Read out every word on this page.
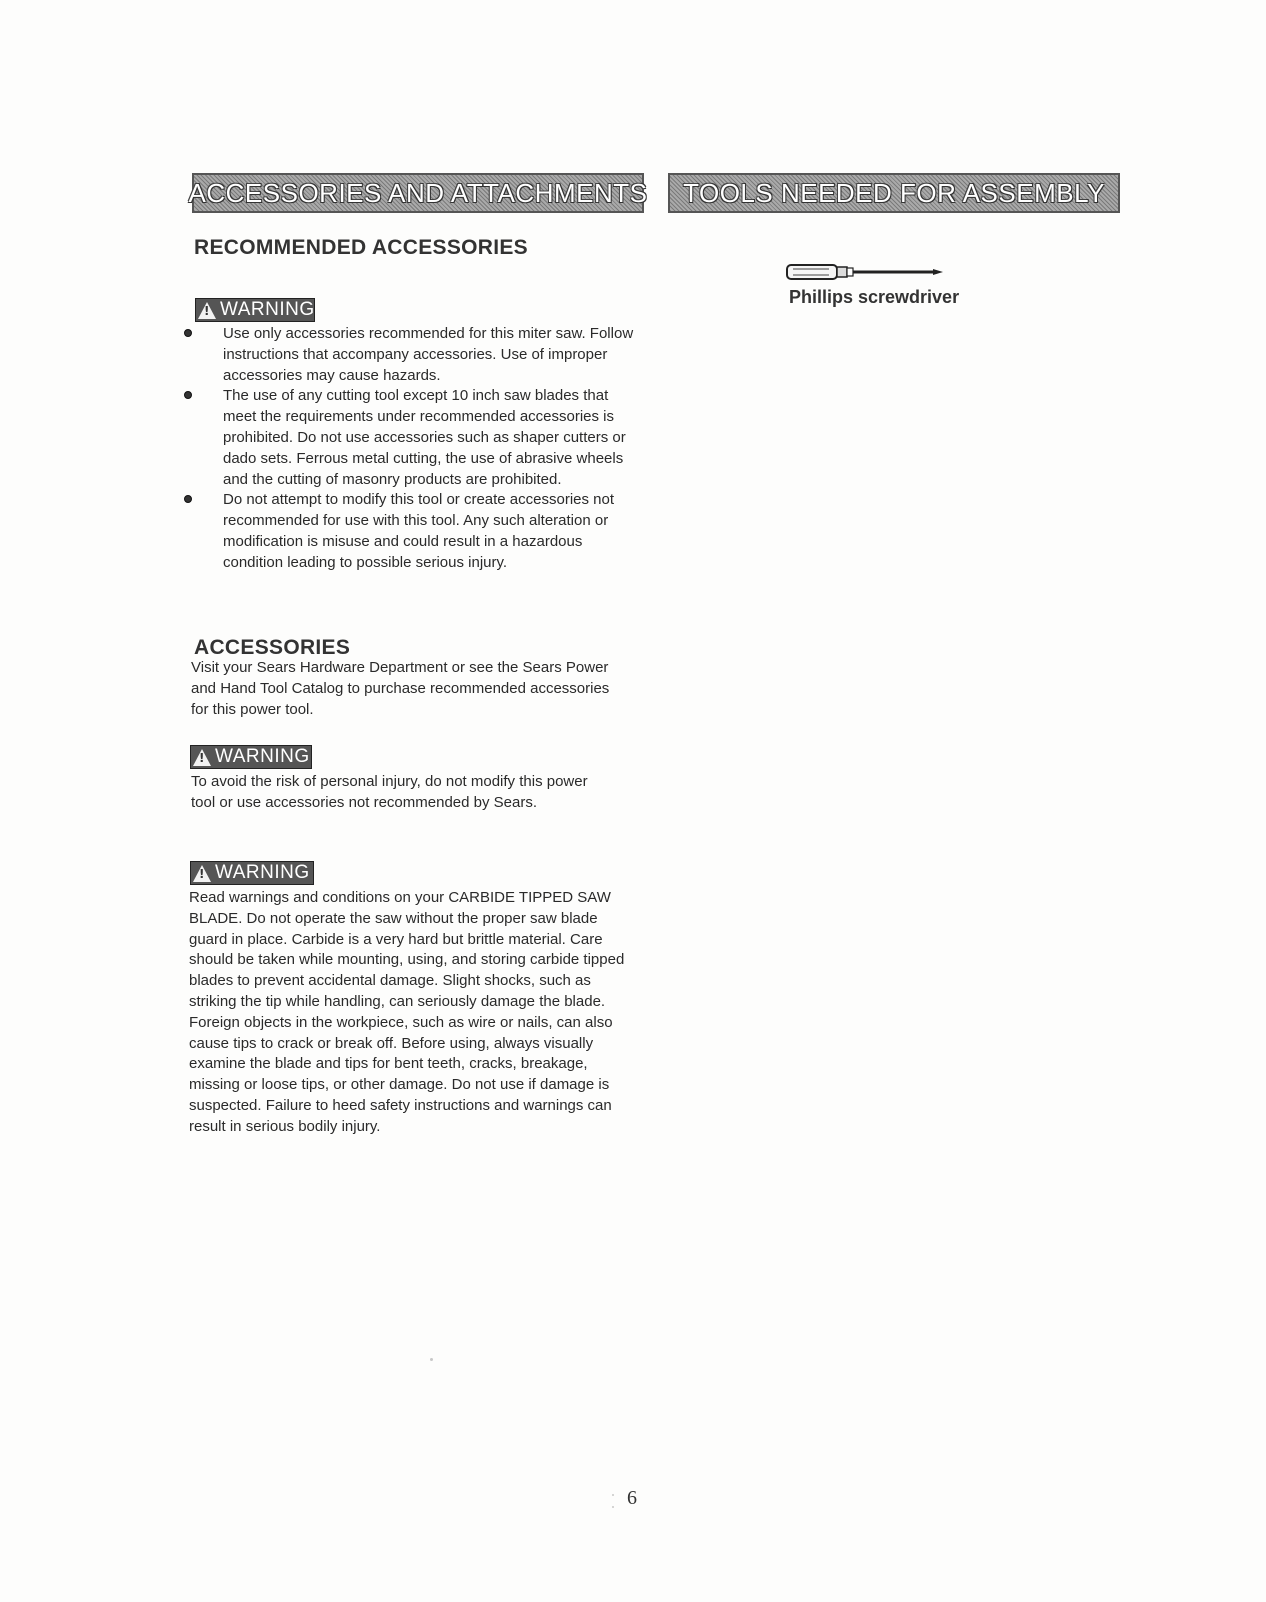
ACCESSORIES AND ATTACHMENTS TOOLS NEEDED FOR ASSEMBLY
RECOMMENDED ACCESSORIES
!
WARNING
Use only accessories recommended for this miter saw. Follow instructions that accompany accessories. Use of improper accessories may cause hazards.
The use of any cutting tool except 10 inch saw blades that meet the requirements under recommended accessories is prohibited. Do not use accessories such as shaper cutters or dado sets. Ferrous metal cutting, the use of abrasive wheels and the cutting of masonry products are prohibited.
Do not attempt to modify this tool or create accessories not recommended for use with this tool. Any such alteration or modification is misuse and could result in a hazardous condition leading to possible serious injury.
ACCESSORIES
Visit your Sears Hardware Department or see the Sears Power and Hand Tool Catalog to purchase recommended accessories for this power tool.
!
WARNING
To avoid the risk of personal injury, do not modify this power tool or use accessories not recommended by Sears.
!
WARNING
Read warnings and conditions on your CARBIDE TIPPED SAW BLADE. Do not operate the saw without the proper saw blade guard in place. Carbide is a very hard but brittle material. Care should be taken while mounting, using, and storing carbide tipped blades to prevent accidental damage. Slight shocks, such as striking the tip while handling, can seriously damage the blade. Foreign objects in the workpiece, such as wire or nails, can also cause tips to crack or break off. Before using, always visually examine the blade and tips for bent teeth, cracks, breakage, missing or loose tips, or other damage. Do not use if damage is suspected. Failure to heed safety instructions and warnings can result in serious bodily injury.
Phillips screwdriver
6
